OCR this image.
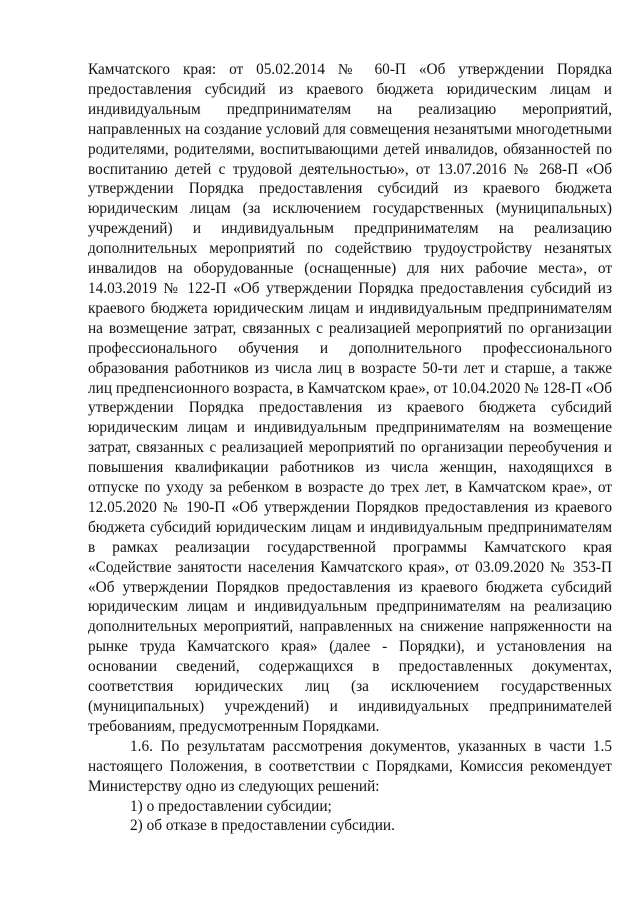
Камчатского края: от 05.02.2014 № 60-П «Об утверждении Порядка предоставления субсидий из краевого бюджета юридическим лицам и индивидуальным предпринимателям на реализацию мероприятий, направленных на создание условий для совмещения незанятыми многодетными родителями, родителями, воспитывающими детей инвалидов, обязанностей по воспитанию детей с трудовой деятельностью», от 13.07.2016 № 268-П «Об утверждении Порядка предоставления субсидий из краевого бюджета юридическим лицам (за исключением государственных (муниципальных) учреждений) и индивидуальным предпринимателям на реализацию дополнительных мероприятий по содействию трудоустройству незанятых инвалидов на оборудованные (оснащенные) для них рабочие места», от 14.03.2019 № 122-П «Об утверждении Порядка предоставления субсидий из краевого бюджета юридическим лицам и индивидуальным предпринимателям на возмещение затрат, связанных с реализацией мероприятий по организации профессионального обучения и дополнительного профессионального образования работников из числа лиц в возрасте 50-ти лет и старше, а также лиц предпенсионного возраста, в Камчатском крае», от 10.04.2020 № 128-П «Об утверждении Порядка предоставления из краевого бюджета субсидий юридическим лицам и индивидуальным предпринимателям на возмещение затрат, связанных с реализацией мероприятий по организации переобучения и повышения квалификации работников из числа женщин, находящихся в отпуске по уходу за ребенком в возрасте до трех лет, в Камчатском крае», от 12.05.2020 № 190-П «Об утверждении Порядков предоставления из краевого бюджета субсидий юридическим лицам и индивидуальным предпринимателям в рамках реализации государственной программы Камчатского края «Содействие занятости населения Камчатского края», от 03.09.2020 № 353-П «Об утверждении Порядков предоставления из краевого бюджета субсидий юридическим лицам и индивидуальным предпринимателям на реализацию дополнительных мероприятий, направленных на снижение напряженности на рынке труда Камчатского края» (далее - Порядки), и установления на основании сведений, содержащихся в предоставленных документах, соответствия юридических лиц (за исключением государственных (муниципальных) учреждений) и индивидуальных предпринимателей требованиям, предусмотренным Порядками.

1.6. По результатам рассмотрения документов, указанных в части 1.5 настоящего Положения, в соответствии с Порядками, Комиссия рекомендует Министерству одно из следующих решений:

1) о предоставлении субсидии;

2) об отказе в предоставлении субсидии.
